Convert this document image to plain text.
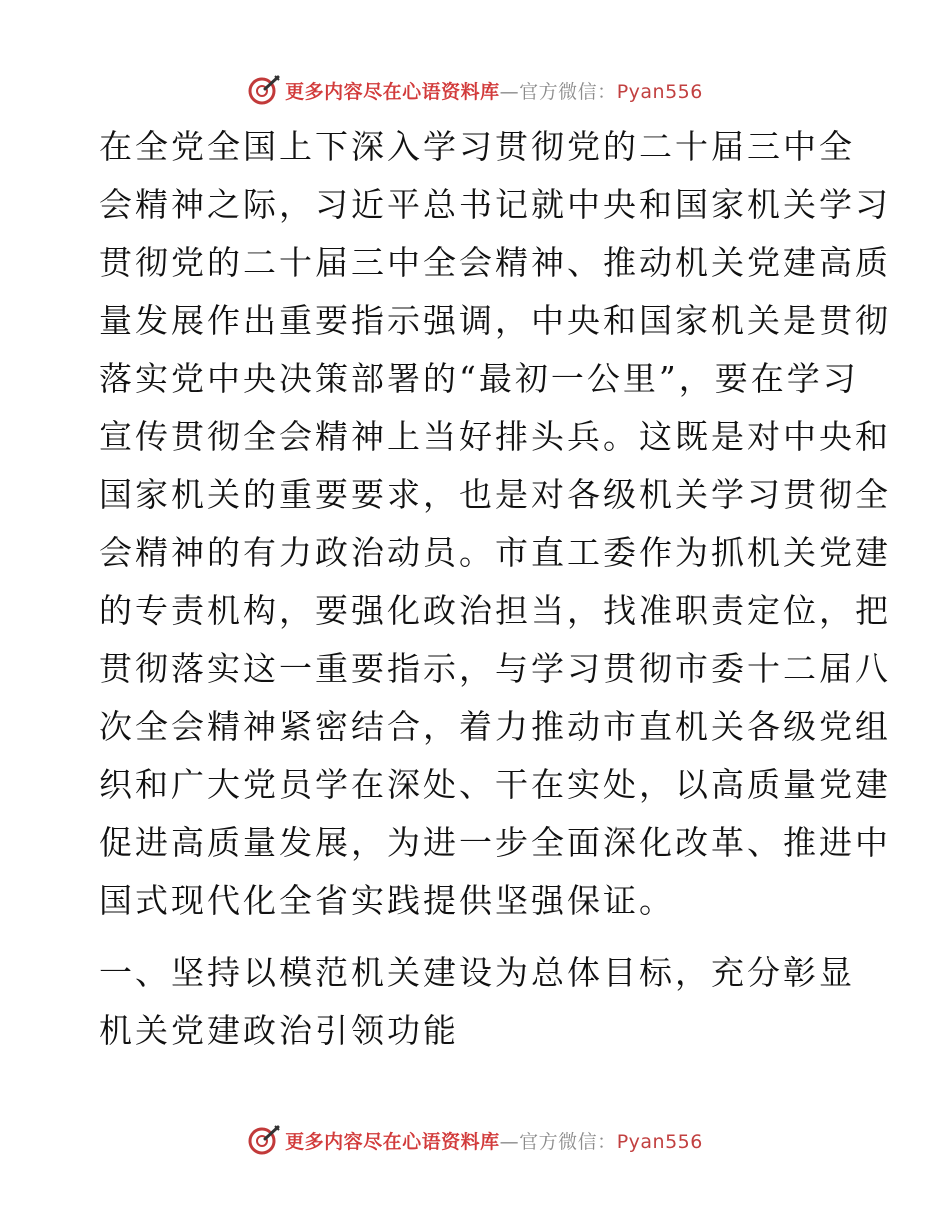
更多内容尽在心语资料库—官方微信：Pyan556
在全党全国上下深入学习贯彻党的二十届三中全
会精神之际，习近平总书记就中央和国家机关学习
贯彻党的二十届三中全会精神、推动机关党建高质
量发展作出重要指示强调，中央和国家机关是贯彻
落实党中央决策部署的“最初一公里”，要在学习
宣传贯彻全会精神上当好排头兵。这既是对中央和
国家机关的重要要求，也是对各级机关学习贯彻全
会精神的有力政治动员。市直工委作为抓机关党建
的专责机构，要强化政治担当，找准职责定位，把
贯彻落实这一重要指示，与学习贯彻市委十二届八
次全会精神紧密结合，着力推动市直机关各级党组
织和广大党员学在深处、干在实处，以高质量党建
促进高质量发展，为进一步全面深化改革、推进中
国式现代化全省实践提供坚强保证。
一、坚持以模范机关建设为总体目标，充分彰显
机关党建政治引领功能
更多内容尽在心语资料库—官方微信：Pyan556
